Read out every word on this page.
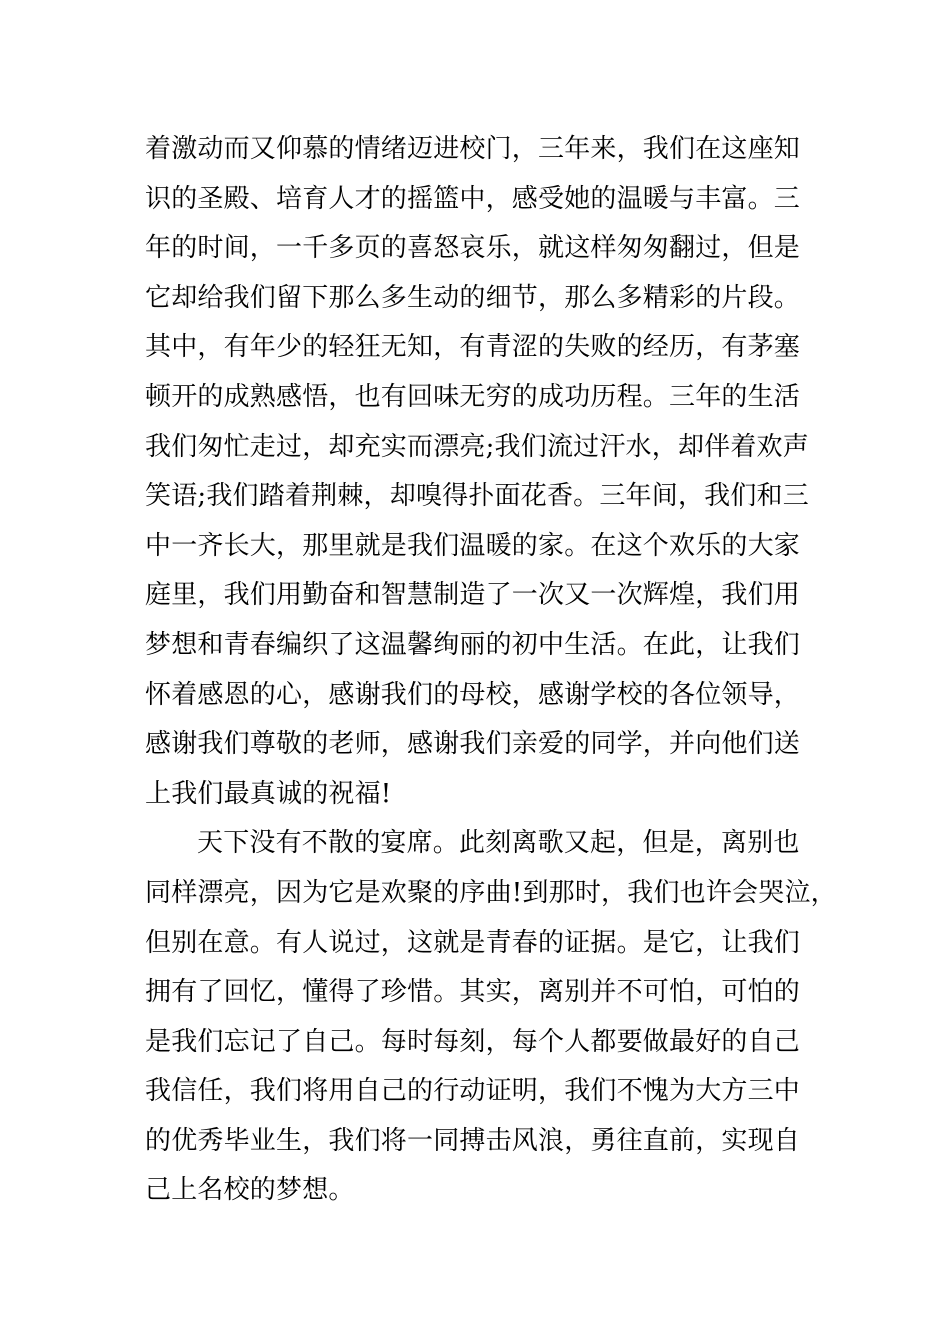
着激动而又仰慕的情绪迈进校门，三年来，我们在这座知
识的圣殿、培育人才的摇篮中，感受她的温暖与丰富。三
年的时间，一千多页的喜怒哀乐，就这样匆匆翻过，但是
它却给我们留下那么多生动的细节，那么多精彩的片段。
其中，有年少的轻狂无知，有青涩的失败的经历，有茅塞
顿开的成熟感悟，也有回味无穷的成功历程。三年的生活
我们匆忙走过，却充实而漂亮;我们流过汗水，却伴着欢声
笑语;我们踏着荆棘，却嗅得扑面花香。三年间，我们和三
中一齐长大，那里就是我们温暖的家。在这个欢乐的大家
庭里，我们用勤奋和智慧制造了一次又一次辉煌，我们用
梦想和青春编织了这温馨绚丽的初中生活。在此，让我们
怀着感恩的心，感谢我们的母校，感谢学校的各位领导，
感谢我们尊敬的老师，感谢我们亲爱的同学，并向他们送
上我们最真诚的祝福!
天下没有不散的宴席。此刻离歌又起，但是，离别也
同样漂亮，因为它是欢聚的序曲!到那时，我们也许会哭泣，
但别在意。有人说过，这就是青春的证据。是它，让我们
拥有了回忆，懂得了珍惜。其实，离别并不可怕，可怕的
是我们忘记了自己。每时每刻，每个人都要做最好的自己
我信任，我们将用自己的行动证明，我们不愧为大方三中
的优秀毕业生，我们将一同搏击风浪，勇往直前，实现自
己上名校的梦想。
